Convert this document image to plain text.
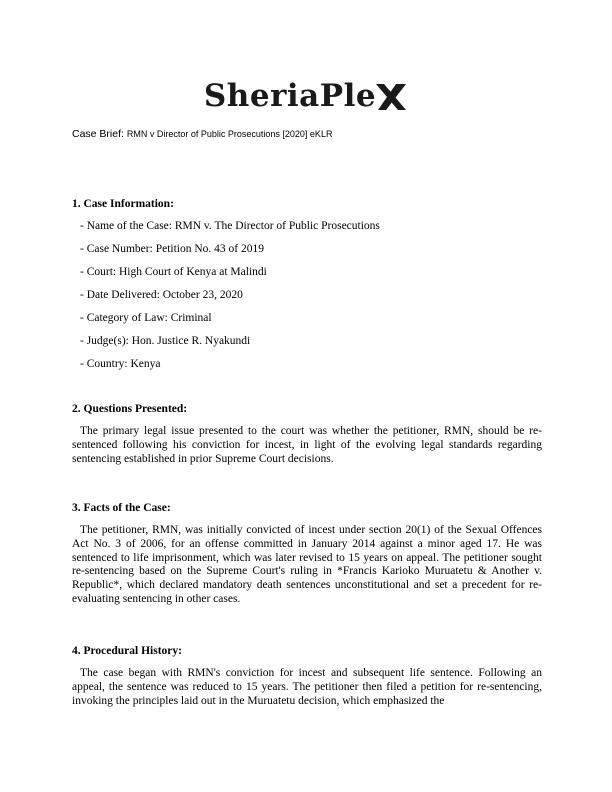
SheriaPle
Case Brief: RMN v Director of Public Prosecutions [2020] eKLR

1. Case Information:

- Name of the Case: RMN v. The Director of Public Prosecutions

- Case Number: Petition No. 43 of 2019

- Court: High Court of Kenya at Malindi

- Date Delivered: October 23, 2020

- Category of Law: Criminal

- Judge(s): Hon. Justice R. Nyakundi

- Country: Kenya

2. Questions Presented:

The primary legal issue presented to the court was whether the petitioner, RMN, should be re-sentenced following his conviction for incest, in light of the evolving legal standards regarding sentencing established in prior Supreme Court decisions.

3. Facts of the Case:

The petitioner, RMN, was initially convicted of incest under section 20(1) of the Sexual Offences Act No. 3 of 2006, for an offense committed in January 2014 against a minor aged 17. He was sentenced to life imprisonment, which was later revised to 15 years on appeal. The petitioner sought re-sentencing based on the Supreme Court's ruling in *Francis Karioko Muruatetu & Another v. Republic*, which declared mandatory death sentences unconstitutional and set a precedent for re-evaluating sentencing in other cases.

4. Procedural History:

The case began with RMN's conviction for incest and subsequent life sentence. Following an appeal, the sentence was reduced to 15 years. The petitioner then filed a petition for re-sentencing, invoking the principles laid out in the Muruatetu decision, which emphasized the
